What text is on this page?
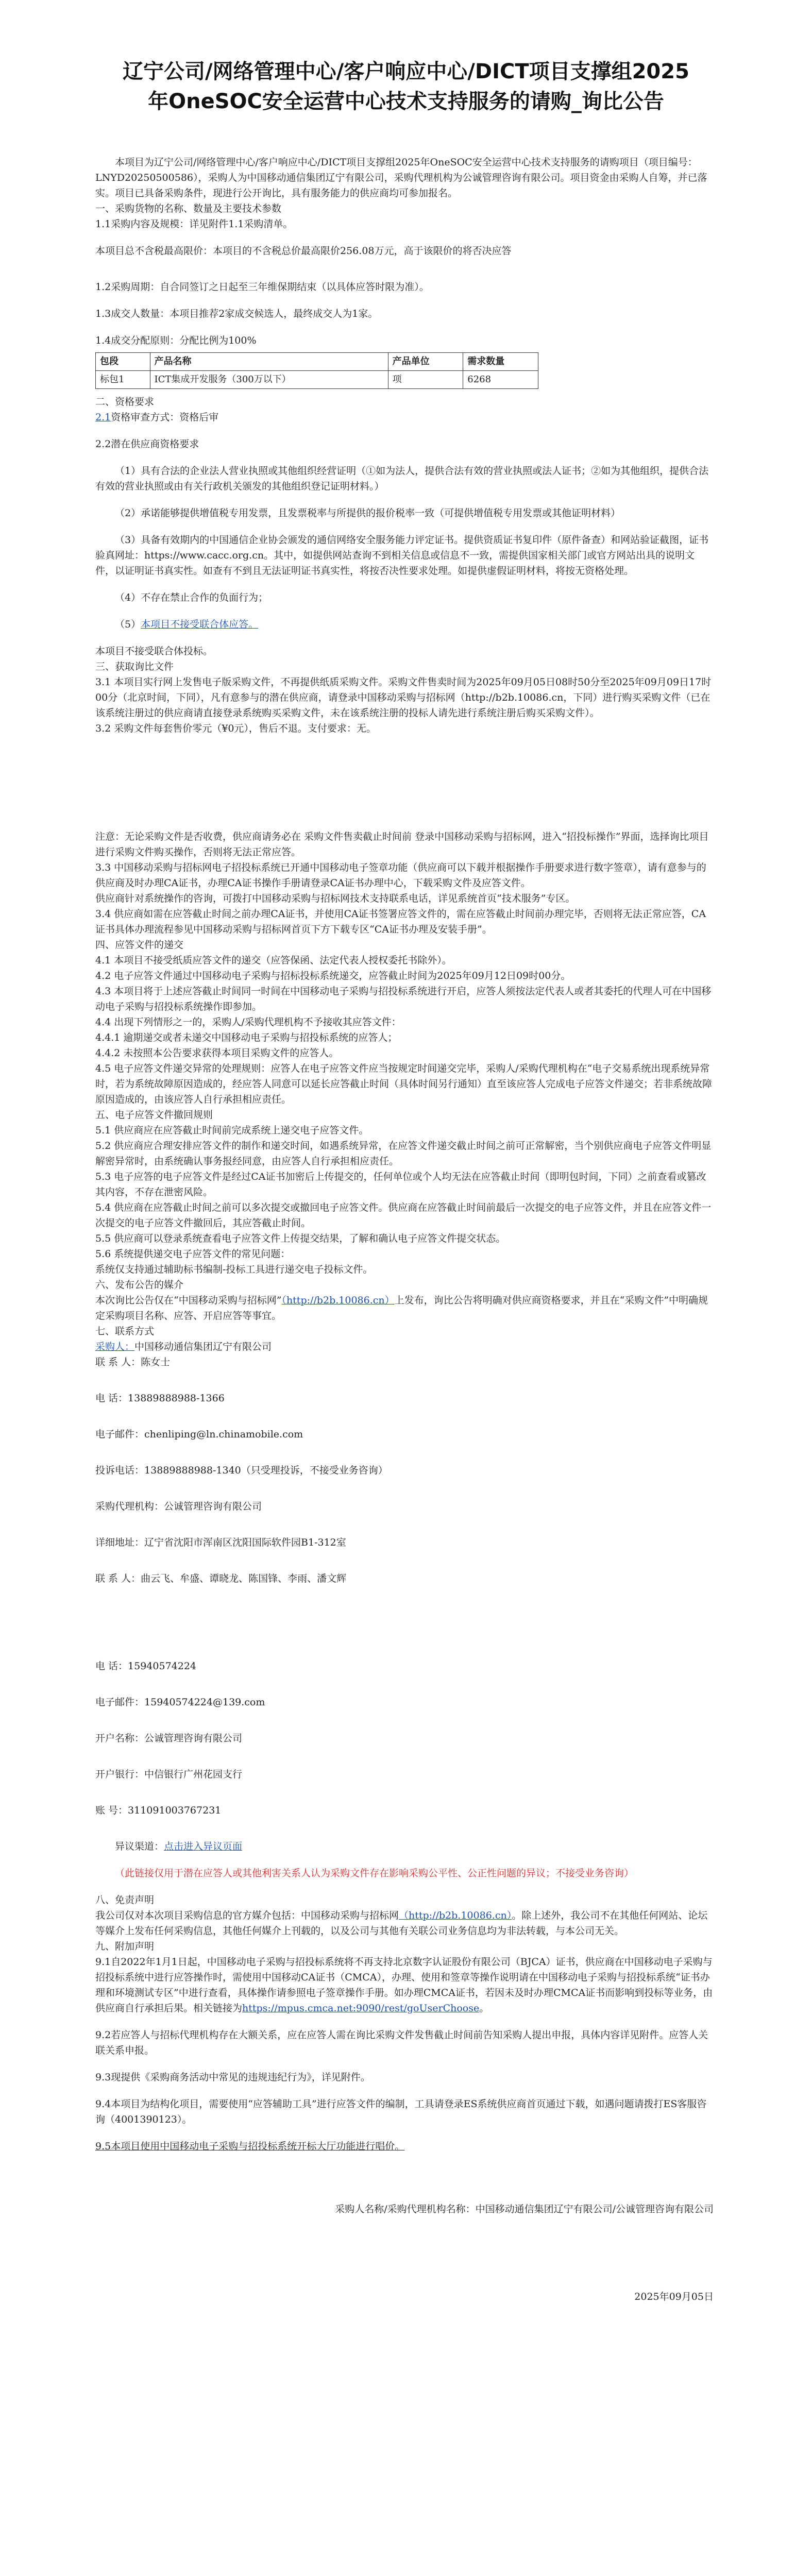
辽宁公司/网络管理中心/客户响应中心/DICT项目支撑组2025年OneSOC安全运营中心技术支持服务的请购_询比公告

本项目为辽宁公司/网络管理中心/客户响应中心/DICT项目支撑组2025年OneSOC安全运营中心技术支持服务的请购项目（项目编号：LNYD20250500586），采购人为中国移动通信集团辽宁有限公司，采购代理机构为公诚管理咨询有限公司。项目资金由采购人自筹，并已落实。项目已具备采购条件，现进行公开询比，具有服务能力的供应商均可参加报名。

一、采购货物的名称、数量及主要技术参数

1.1采购内容及规模：详见附件1.1采购清单。

本项目总不含税最高限价：本项目的不含税总价最高限价256.08万元，高于该限价的将否决应答

1.2采购周期：自合同签订之日起至三年维保期结束（以具体应答时限为准）。

1.3成交人数量：本项目推荐2家成交候选人，最终成交人为1家。

1.4成交分配原则：分配比例为100%

包段	产品名称	产品单位	需求数量
标包1	ICT集成开发服务（300万以下）	项	6268

二、资格要求

2.1资格审查方式：资格后审

2.2潜在供应商资格要求

（1）具有合法的企业法人营业执照或其他组织经营证明（①如为法人，提供合法有效的营业执照或法人证书；②如为其他组织，提供合法有效的营业执照或由有关行政机关颁发的其他组织登记证明材料。）

（2）承诺能够提供增值税专用发票，且发票税率与所提供的报价税率一致（可提供增值税专用发票或其他证明材料）

（3）具备有效期内的中国通信企业协会颁发的通信网络安全服务能力评定证书。提供资质证书复印件（原件备查）和网站验证截图，证书验真网址：https://www.cacc.org.cn。其中，如提供网站查询不到相关信息或信息不一致，需提供国家相关部门或官方网站出具的说明文件，以证明证书真实性。如查有不到且无法证明证书真实性，将按否决性要求处理。如提供虚假证明材料，将按无资格处理。

（4）不存在禁止合作的负面行为；

（5）本项目不接受联合体应答。

本项目不接受联合体投标。

三、获取询比文件

3.1 本项目实行网上发售电子版采购文件，不再提供纸质采购文件。采购文件售卖时间为2025年09月05日08时50分至2025年09月09日17时00分（北京时间，下同），凡有意参与的潜在供应商，请登录中国移动采购与招标网（http://b2b.10086.cn，下同）进行购买采购文件（已在该系统注册过的供应商请直接登录系统购买采购文件，未在该系统注册的投标人请先进行系统注册后购买采购文件）。

3.2 采购文件每套售价零元（¥0元），售后不退。支付要求：无。

注意：无论采购文件是否收费，供应商请务必在 采购文件售卖截止时间前 登录中国移动采购与招标网，进入“招投标操作”界面，选择询比项目进行采购文件购买操作，否则将无法正常应答。

3.3 中国移动采购与招标网电子招投标系统已开通中国移动电子签章功能（供应商可以下载并根据操作手册要求进行数字签章），请有意参与的供应商及时办理CA证书，办理CA证书操作手册请登录CA证书办理中心，下载采购文件及应答文件。

供应商针对系统操作的咨询，可拨打中国移动采购与招标网技术支持联系电话，详见系统首页“技术服务”专区。

3.4 供应商如需在应答截止时间之前办理CA证书，并使用CA证书签署应答文件的，需在应答截止时间前办理完毕，否则将无法正常应答，CA证书具体办理流程参见中国移动采购与招标网首页下方下载专区“CA证书办理及安装手册”。

四、应答文件的递交

4.1 本项目不接受纸质应答文件的递交（应答保函、法定代表人授权委托书除外）。

4.2 电子应答文件通过中国移动电子采购与招标投标系统递交，应答截止时间为2025年09月12日09时00分。

4.3 本项目将于上述应答截止时间同一时间在中国移动电子采购与招投标系统进行开启，应答人须按法定代表人或者其委托的代理人可在中国移动电子采购与招投标系统操作即参加。

4.4 出现下列情形之一的，采购人/采购代理机构不予接收其应答文件：

4.4.1 逾期递交或者未递交中国移动电子采购与招投标系统的应答人；

4.4.2 未按照本公告要求获得本项目采购文件的应答人。

4.5 电子应答文件递交异常的处理规则：应答人在电子应答文件应当按规定时间递交完毕，采购人/采购代理机构在“电子交易系统出现系统异常时，若为系统故障原因造成的，经应答人同意可以延长应答截止时间（具体时间另行通知）直至该应答人完成电子应答文件递交；若非系统故障原因造成的，由该应答人自行承担相应责任。

五、电子应答文件撤回规则

5.1 供应商应在应答截止时间前完成系统上递交电子应答文件。

5.2 供应商应合理安排应答文件的制作和递交时间，如遇系统异常，在应答文件递交截止时间之前可正常解密，当个别供应商电子应答文件明显解密异常时，由系统确认事务报经同意，由应答人自行承担相应责任。

5.3 电子应答的电子应答文件是经过CA证书加密后上传提交的，任何单位或个人均无法在应答截止时间（即明包时间，下同）之前查看或篡改其内容，不存在泄密风险。

5.4 供应商在应答截止时间之前可以多次提交或撤回电子应答文件。供应商在应答截止时间前最后一次提交的电子应答文件，并且在应答文件一次提交的电子应答文件撤回后，其应答截止时间。

5.5 供应商可以登录系统查看电子应答文件上传提交结果，了解和确认电子应答文件提交状态。

5.6 系统提供递交电子应答文件的常见问题：

系统仅支持通过辅助标书编制-投标工具进行递交电子投标文件。

六、发布公告的媒介

本次询比公告仅在“中国移动采购与招标网”（http://b2b.10086.cn）上发布，询比公告将明确对供应商资格要求，并且在“采购文件”中明确规定采购项目名称、应答、开启应答等事宜。

七、联系方式

采购人：中国移动通信集团辽宁有限公司

联 系 人：陈女士

电 话：13889888988-1366

电子邮件：chenliping@ln.chinamobile.com

投诉电话：13889888988-1340（只受理投诉，不接受业务咨询）

采购代理机构：公诚管理咨询有限公司

详细地址：辽宁省沈阳市浑南区沈阳国际软件园B1-312室

联 系 人：曲云飞、牟盛、谭晓龙、陈国锋、李雨、潘文辉

电 话：15940574224

电子邮件：15940574224@139.com

开户名称：公诚管理咨询有限公司

开户银行：中信银行广州花园支行

账 号：311091003767231

异议渠道：点击进入异议页面

（此链接仅用于潜在应答人或其他利害关系人认为采购文件存在影响采购公平性、公正性问题的异议；不接受业务咨询）

八、免责声明

我公司仅对本次项目采购信息的官方媒介包括：中国移动采购与招标网（http://b2b.10086.cn）。除上述外，我公司不在其他任何网站、论坛等媒介上发布任何采购信息，其他任何媒介上刊载的，以及公司与其他有关联公司业务信息均为非法转载，与本公司无关。

九、附加声明

9.1自2022年1月1日起，中国移动电子采购与招投标系统将不再支持北京数字认证股份有限公司（BJCA）证书，供应商在中国移动电子采购与招投标系统中进行应答操作时，需使用中国移动CA证书（CMCA），办理、使用和签章等操作说明请在中国移动电子采购与招投标系统“证书办理和环境测试专区”中进行查看，具体操作请参照电子签章操作手册。如办理CMCA证书，若因未及时办理CMCA证书而影响到投标等业务，由供应商自行承担后果。相关链接为https://mpus.cmca.net:9090/rest/goUserChoose。

9.2若应答人与招标代理机构存在大额关系，应在应答人需在询比采购文件发售截止时间前告知采购人提出申报，具体内容详见附件。应答人关联关系申报。

9.3现提供《采购商务活动中常见的违规违纪行为》，详见附件。

9.4本项目为结构化项目，需要使用“应答辅助工具”进行应答文件的编制，工具请登录ES系统供应商首页通过下载，如遇问题请拨打ES客服咨询（4001390123）。

9.5本项目使用中国移动电子采购与招投标系统开标大厅功能进行唱价。

采购人名称/采购代理机构名称：中国移动通信集团辽宁有限公司/公诚管理咨询有限公司

2025年09月05日
